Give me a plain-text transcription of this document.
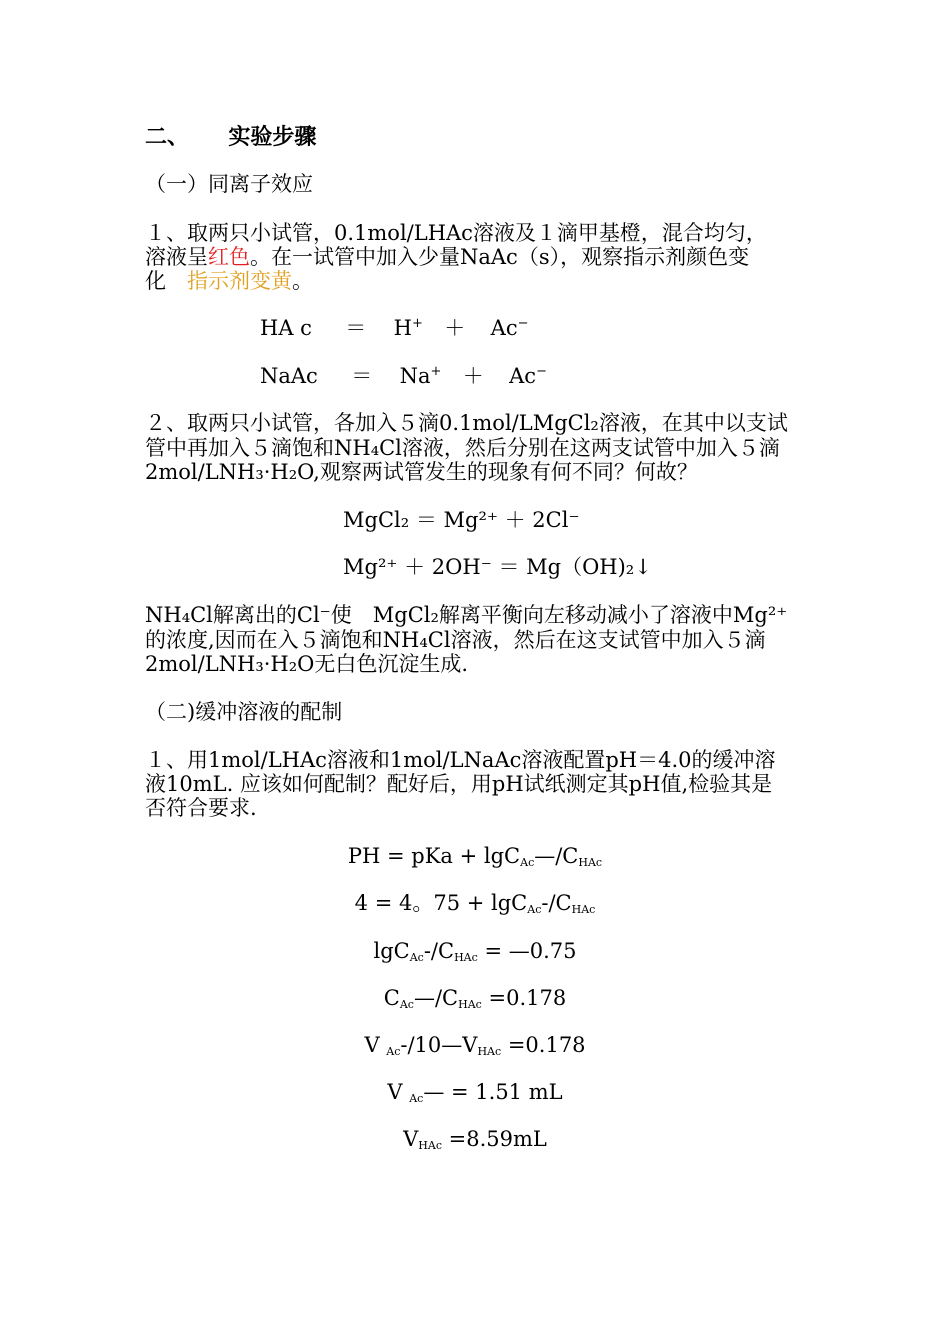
二、 实验步骤
（一）同离子效应
１、取两只小试管，0.1mol/LHAc溶液及１滴甲基橙，混合均匀，
溶液呈红色。在一试管中加入少量NaAc（s），观察指示剂颜色变
化　指示剂变黄。
HA c ＝ H+ ＋ Ac−
NaAc ＝ Na+ ＋ Ac−
２、取两只小试管，各加入５滴0.1mol/LMgCl₂溶液，在其中以支试
管中再加入５滴饱和NH₄Cl溶液，然后分别在这两支试管中加入５滴
2mol/LNH₃·H₂O,观察两试管发生的现象有何不同？何故？
MgCl₂ ＝ Mg²⁺ ＋ 2Cl⁻
Mg²⁺ ＋ 2OH⁻ ＝ Mg（OH)₂↓
NH₄Cl解离出的Cl⁻使　MgCl₂解离平衡向左移动减小了溶液中Mg²⁺
的浓度,因而在入５滴饱和NH₄Cl溶液，然后在这支试管中加入５滴
2mol/LNH₃·H₂O无白色沉淀生成.
（二)缓冲溶液的配制
１、用1mol/LHAc溶液和1mol/LNaAc溶液配置pH＝4.0的缓冲溶
液10mL. 应该如何配制？配好后，用pH试纸测定其pH值,检验其是
否符合要求.
PH = pKa + $\lg C_{Ac}—/C_{HAc}$
4 = 4。$75 + \lg C_{Ac}-/C_{HAc}$
$\lg C_{Ac}-/C_{HAc}$ = —0.75
$C_{Ac}—/C_{HAc} =0.178$
V $_{Ac}-/10—V_{HAc} =0.178$
V $_{Ac}$— = 1.51 mL
$V_{HAc} =8.59mL$
